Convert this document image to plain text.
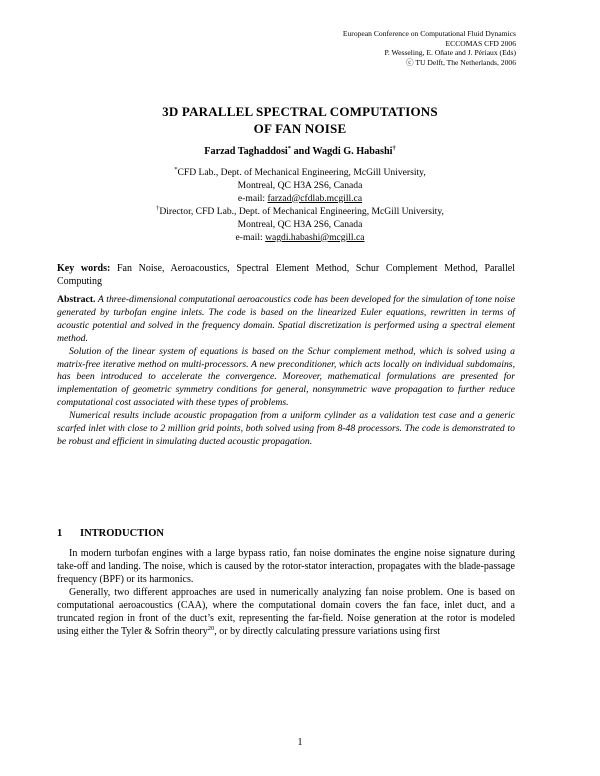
European Conference on Computational Fluid Dynamics
ECCOMAS CFD 2006
P. Wesseling, E. Oñate and J. Périaux (Eds)
ⓒ TU Delft, The Netherlands, 2006
3D PARALLEL SPECTRAL COMPUTATIONS
OF FAN NOISE
Farzad Taghaddosi* and Wagdi G. Habashi†
*CFD Lab., Dept. of Mechanical Engineering, McGill University,
Montreal, QC H3A 2S6, Canada
e-mail: farzad@cfdlab.mcgill.ca
†Director, CFD Lab., Dept. of Mechanical Engineering, McGill University,
Montreal, QC H3A 2S6, Canada
e-mail: wagdi.habashi@mcgill.ca
Key words: Fan Noise, Aeroacoustics, Spectral Element Method, Schur Complement Method, Parallel Computing

Abstract. A three-dimensional computational aeroacoustics code has been developed for the simulation of tone noise generated by turbofan engine inlets. The code is based on the linearized Euler equations, rewritten in terms of acoustic potential and solved in the frequency domain. Spatial discretization is performed using a spectral element method.

Solution of the linear system of equations is based on the Schur complement method, which is solved using a matrix-free iterative method on multi-processors. A new preconditioner, which acts locally on individual subdomains, has been introduced to accelerate the convergence. Moreover, mathematical formulations are presented for implementation of geometric symmetry conditions for general, nonsymmetric wave propagation to further reduce computational cost associated with these types of problems.

Numerical results include acoustic propagation from a uniform cylinder as a validation test case and a generic scarfed inlet with close to 2 million grid points, both solved using from 8-48 processors. The code is demonstrated to be robust and efficient in simulating ducted acoustic propagation.

1 INTRODUCTION

In modern turbofan engines with a large bypass ratio, fan noise dominates the engine noise signature during take-off and landing. The noise, which is caused by the rotor-stator interaction, propagates with the blade-passage frequency (BPF) or its harmonics.

Generally, two different approaches are used in numerically analyzing fan noise problem. One is based on computational aeroacoustics (CAA), where the computational domain covers the fan face, inlet duct, and a truncated region in front of the duct’s exit, representing the far-field. Noise generation at the rotor is modeled using either the Tyler & Sofrin theory$^{20}$, or by directly calculating pressure variations using first

1
